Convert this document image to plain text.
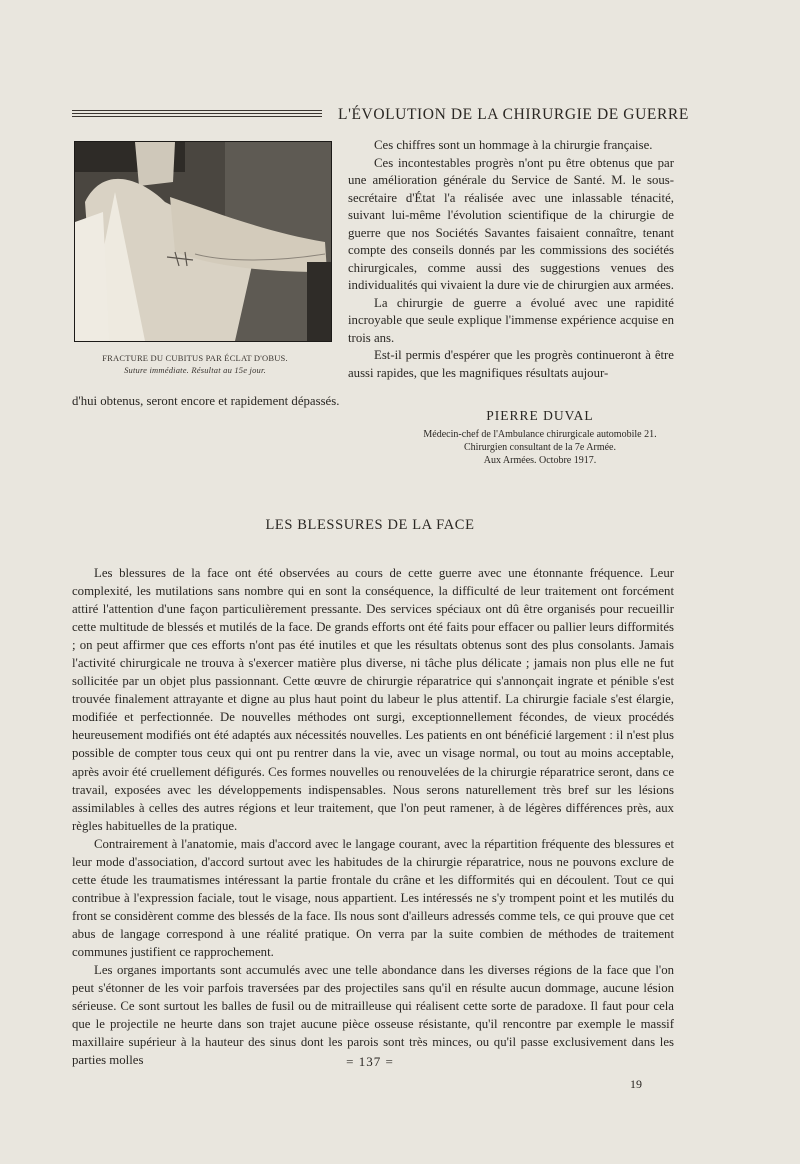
L'ÉVOLUTION DE LA CHIRURGIE DE GUERRE
FRACTURE DU CUBITUS PAR ÉCLAT D'OBUS.
Suture immédiate. Résultat au 15e jour.

Ces chiffres sont un hommage à la chirurgie française.

Ces incontestables progrès n'ont pu être obtenus que par une amélioration générale du Service de Santé. M. le sous-secrétaire d'État l'a réalisée avec une inlassable ténacité, suivant lui-même l'évolution scientifique de la chirurgie de guerre que nos Sociétés Savantes faisaient connaître, tenant compte des conseils donnés par les commissions des sociétés chirurgicales, comme aussi des suggestions venues des individualités qui vivaient la dure vie de chirurgien aux armées.

La chirurgie de guerre a évolué avec une rapidité incroyable que seule explique l'immense expérience acquise en trois ans.

Est-il permis d'espérer que les progrès continueront à être aussi rapides, que les magnifiques résultats aujour-

d'hui obtenus, seront encore et rapidement dépassés.
PIERRE DUVAL
Médecin-chef de l'Ambulance chirurgicale automobile 21.
Chirurgien consultant de la 7e Armée.
Aux Armées. Octobre 1917.
LES BLESSURES DE LA FACE

Les blessures de la face ont été observées au cours de cette guerre avec une étonnante fréquence. Leur complexité, les mutilations sans nombre qui en sont la conséquence, la difficulté de leur traitement ont forcément attiré l'attention d'une façon particulièrement pressante. Des services spéciaux ont dû être organisés pour recueillir cette multitude de blessés et mutilés de la face. De grands efforts ont été faits pour effacer ou pallier leurs difformités ; on peut affirmer que ces efforts n'ont pas été inutiles et que les résultats obtenus sont des plus consolants. Jamais l'activité chirurgicale ne trouva à s'exercer matière plus diverse, ni tâche plus délicate ; jamais non plus elle ne fut sollicitée par un objet plus passionnant. Cette œuvre de chirurgie réparatrice qui s'annonçait ingrate et pénible s'est trouvée finalement attrayante et digne au plus haut point du labeur le plus attentif. La chirurgie faciale s'est élargie, modifiée et perfectionnée. De nouvelles méthodes ont surgi, exceptionnellement fécondes, de vieux procédés heureusement modifiés ont été adaptés aux nécessités nouvelles. Les patients en ont bénéficié largement : il n'est plus possible de compter tous ceux qui ont pu rentrer dans la vie, avec un visage normal, ou tout au moins acceptable, après avoir été cruellement défigurés. Ces formes nouvelles ou renouvelées de la chirurgie réparatrice seront, dans ce travail, exposées avec les développements indispensables. Nous serons naturellement très bref sur les lésions assimilables à celles des autres régions et leur traitement, que l'on peut ramener, à de légères différences près, aux règles habituelles de la pratique.

Contrairement à l'anatomie, mais d'accord avec le langage courant, avec la répartition fréquente des blessures et leur mode d'association, d'accord surtout avec les habitudes de la chirurgie réparatrice, nous ne pouvons exclure de cette étude les traumatismes intéressant la partie frontale du crâne et les difformités qui en découlent. Tout ce qui contribue à l'expression faciale, tout le visage, nous appartient. Les intéressés ne s'y trompent point et les mutilés du front se considèrent comme des blessés de la face. Ils nous sont d'ailleurs adressés comme tels, ce qui prouve que cet abus de langage correspond à une réalité pratique. On verra par la suite combien de méthodes de traitement communes justifient ce rapprochement.

Les organes importants sont accumulés avec une telle abondance dans les diverses régions de la face que l'on peut s'étonner de les voir parfois traversées par des projectiles sans qu'il en résulte aucun dommage, aucune lésion sérieuse. Ce sont surtout les balles de fusil ou de mitrailleuse qui réalisent cette sorte de paradoxe. Il faut pour cela que le projectile ne heurte dans son trajet aucune pièce osseuse résistante, qu'il rencontre par exemple le massif maxillaire supérieur à la hauteur des sinus dont les parois sont très minces, ou qu'il passe exclusivement dans les parties molles	= 137 =
19
